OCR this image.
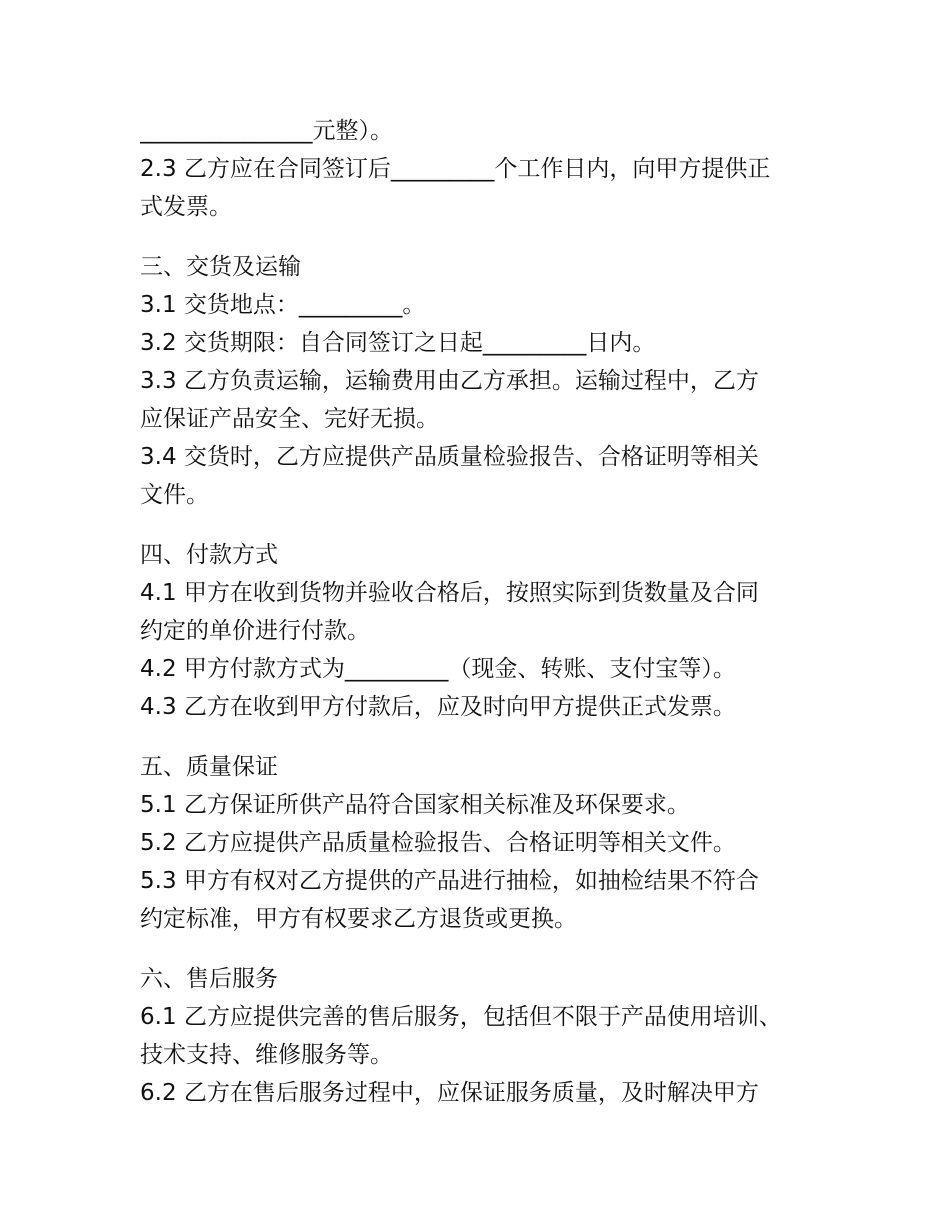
_______________元整）。
2.3 乙方应在合同签订后_________个工作日内，向甲方提供正
式发票。
三、交货及运输
3.1 交货地点：_________。
3.2 交货期限：自合同签订之日起_________日内。
3.3 乙方负责运输，运输费用由乙方承担。运输过程中，乙方
应保证产品安全、完好无损。
3.4 交货时，乙方应提供产品质量检验报告、合格证明等相关
文件。
四、付款方式
4.1 甲方在收到货物并验收合格后，按照实际到货数量及合同
约定的单价进行付款。
4.2 甲方付款方式为_________（现金、转账、支付宝等）。
4.3 乙方在收到甲方付款后，应及时向甲方提供正式发票。
五、质量保证
5.1 乙方保证所供产品符合国家相关标准及环保要求。
5.2 乙方应提供产品质量检验报告、合格证明等相关文件。
5.3 甲方有权对乙方提供的产品进行抽检，如抽检结果不符合
约定标准，甲方有权要求乙方退货或更换。
六、售后服务
6.1 乙方应提供完善的售后服务，包括但不限于产品使用培训、
技术支持、维修服务等。
6.2 乙方在售后服务过程中，应保证服务质量，及时解决甲方
